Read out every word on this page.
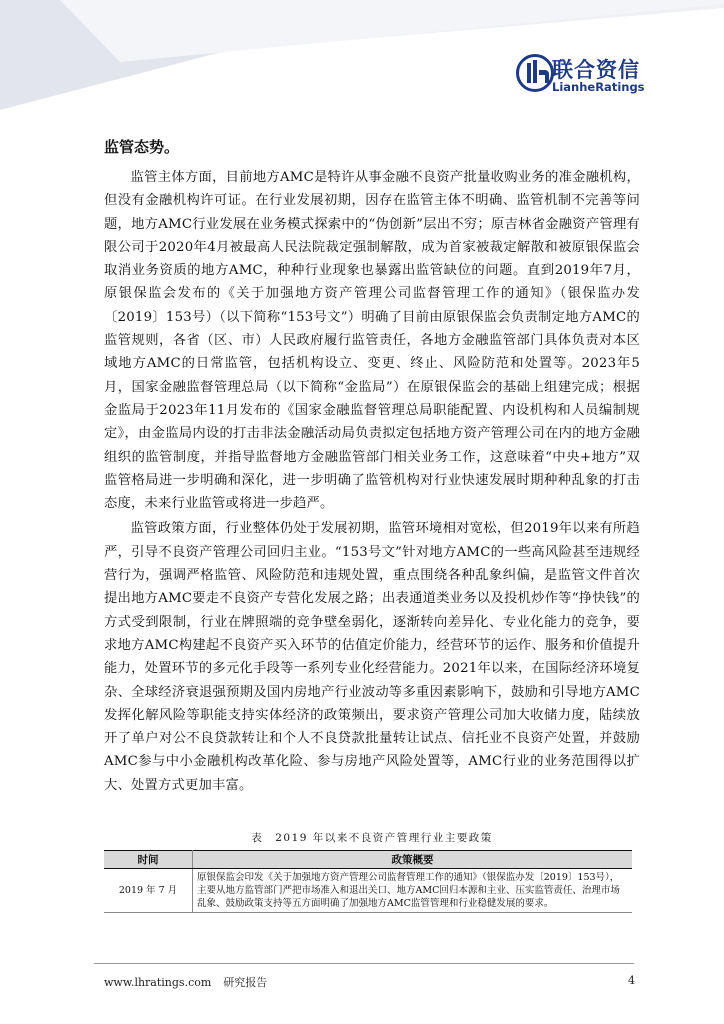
联合资信
LianheRatings
监管态势。

监管主体方面，目前地方AMC是特许从事金融不良资产批量收购业务的准金融机构，但没有金融机构许可证。在行业发展初期，因存在监管主体不明确、监管机制不完善等问题，地方AMC行业发展在业务模式探索中的“伪创新”层出不穷；原吉林省金融资产管理有限公司于2020年4月被最高人民法院裁定强制解散，成为首家被裁定解散和被原银保监会取消业务资质的地方AMC，种种行业现象也暴露出监管缺位的问题。直到2019年7月，原银保监会发布的《关于加强地方资产管理公司监督管理工作的通知》（银保监办发〔2019〕153号）（以下简称“153号文”）明确了目前由原银保监会负责制定地方AMC的监管规则，各省（区、市）人民政府履行监管责任，各地方金融监管部门具体负责对本区域地方AMC的日常监管，包括机构设立、变更、终止、风险防范和处置等。2023年5月，国家金融监督管理总局（以下简称“金监局”）在原银保监会的基础上组建完成；根据金监局于2023年11月发布的《国家金融监督管理总局职能配置、内设机构和人员编制规定》，由金监局内设的打击非法金融活动局负责拟定包括地方资产管理公司在内的地方金融组织的监管制度，并指导监督地方金融监管部门相关业务工作，这意味着“中央+地方”双监管格局进一步明确和深化，进一步明确了监管机构对行业快速发展时期种种乱象的打击态度，未来行业监管或将进一步趋严。

监管政策方面，行业整体仍处于发展初期，监管环境相对宽松，但2019年以来有所趋严，引导不良资产管理公司回归主业。“153号文”针对地方AMC的一些高风险甚至违规经营行为，强调严格监管、风险防范和违规处置，重点围绕各种乱象纠偏，是监管文件首次提出地方AMC要走不良资产专营化发展之路；出表通道类业务以及投机炒作等“挣快钱”的方式受到限制，行业在牌照端的竞争壁垒弱化，逐渐转向差异化、专业化能力的竞争，要求地方AMC构建起不良资产买入环节的估值定价能力，经营环节的运作、服务和价值提升能力，处置环节的多元化手段等一系列专业化经营能力。2021年以来，在国际经济环境复杂、全球经济衰退强预期及国内房地产行业波动等多重因素影响下，鼓励和引导地方AMC发挥化解风险等职能支持实体经济的政策频出，要求资产管理公司加大收储力度，陆续放开了单户对公不良贷款转让和个人不良贷款批量转让试点、信托业不良资产处置，并鼓励AMC参与中小金融机构改革化险、参与房地产风险处置等，AMC行业的业务范围得以扩大、处置方式更加丰富。

表　2019 年以来不良资产管理行业主要政策
时间	政策概要
2019 年 7 月	原银保监会印发《关于加强地方资产管理公司监督管理工作的通知》（银保监办发〔2019〕153号），主要从地方监管部门严把市场准入和退出关口、地方AMC回归本源和主业、压实监管责任、治理市场乱象、鼓励政策支持等五方面明确了加强地方AMC监管管理和行业稳健发展的要求。
www.lhratings.com 研究报告	4
